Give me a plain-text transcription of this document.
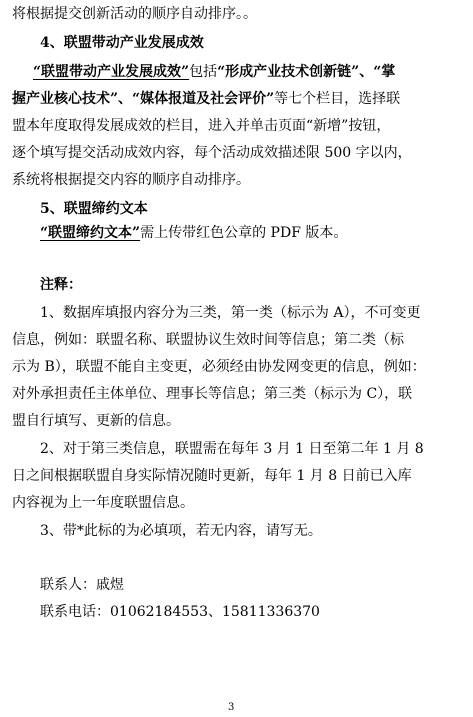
将根据提交创新活动的顺序自动排序。。
4、联盟带动产业发展成效
“联盟带动产业发展成效”包括“形成产业技术创新链”、“掌
握产业核心技术”、“媒体报道及社会评价”等七个栏目，选择联
盟本年度取得发展成效的栏目，进入并单击页面“新增”按钮，
逐个填写提交活动成效内容，每个活动成效描述限 500 字以内，
系统将根据提交内容的顺序自动排序。
5、联盟缔约文本
“联盟缔约文本”需上传带红色公章的 PDF 版本。
注释：
1、数据库填报内容分为三类，第一类（标示为 A），不可变更
信息，例如：联盟名称、联盟协议生效时间等信息；第二类（标
示为 B），联盟不能自主变更，必须经由协发网变更的信息，例如：
对外承担责任主体单位、理事长等信息；第三类（标示为 C），联
盟自行填写、更新的信息。
2、对于第三类信息，联盟需在每年 3 月 1 日至第二年 1 月 8
日之间根据联盟自身实际情况随时更新，每年 1 月 8 日前已入库
内容视为上一年度联盟信息。
3、带*此标的为必填项，若无内容，请写无。
联系人：戚煜
联系电话：01062184553、15811336370
3
